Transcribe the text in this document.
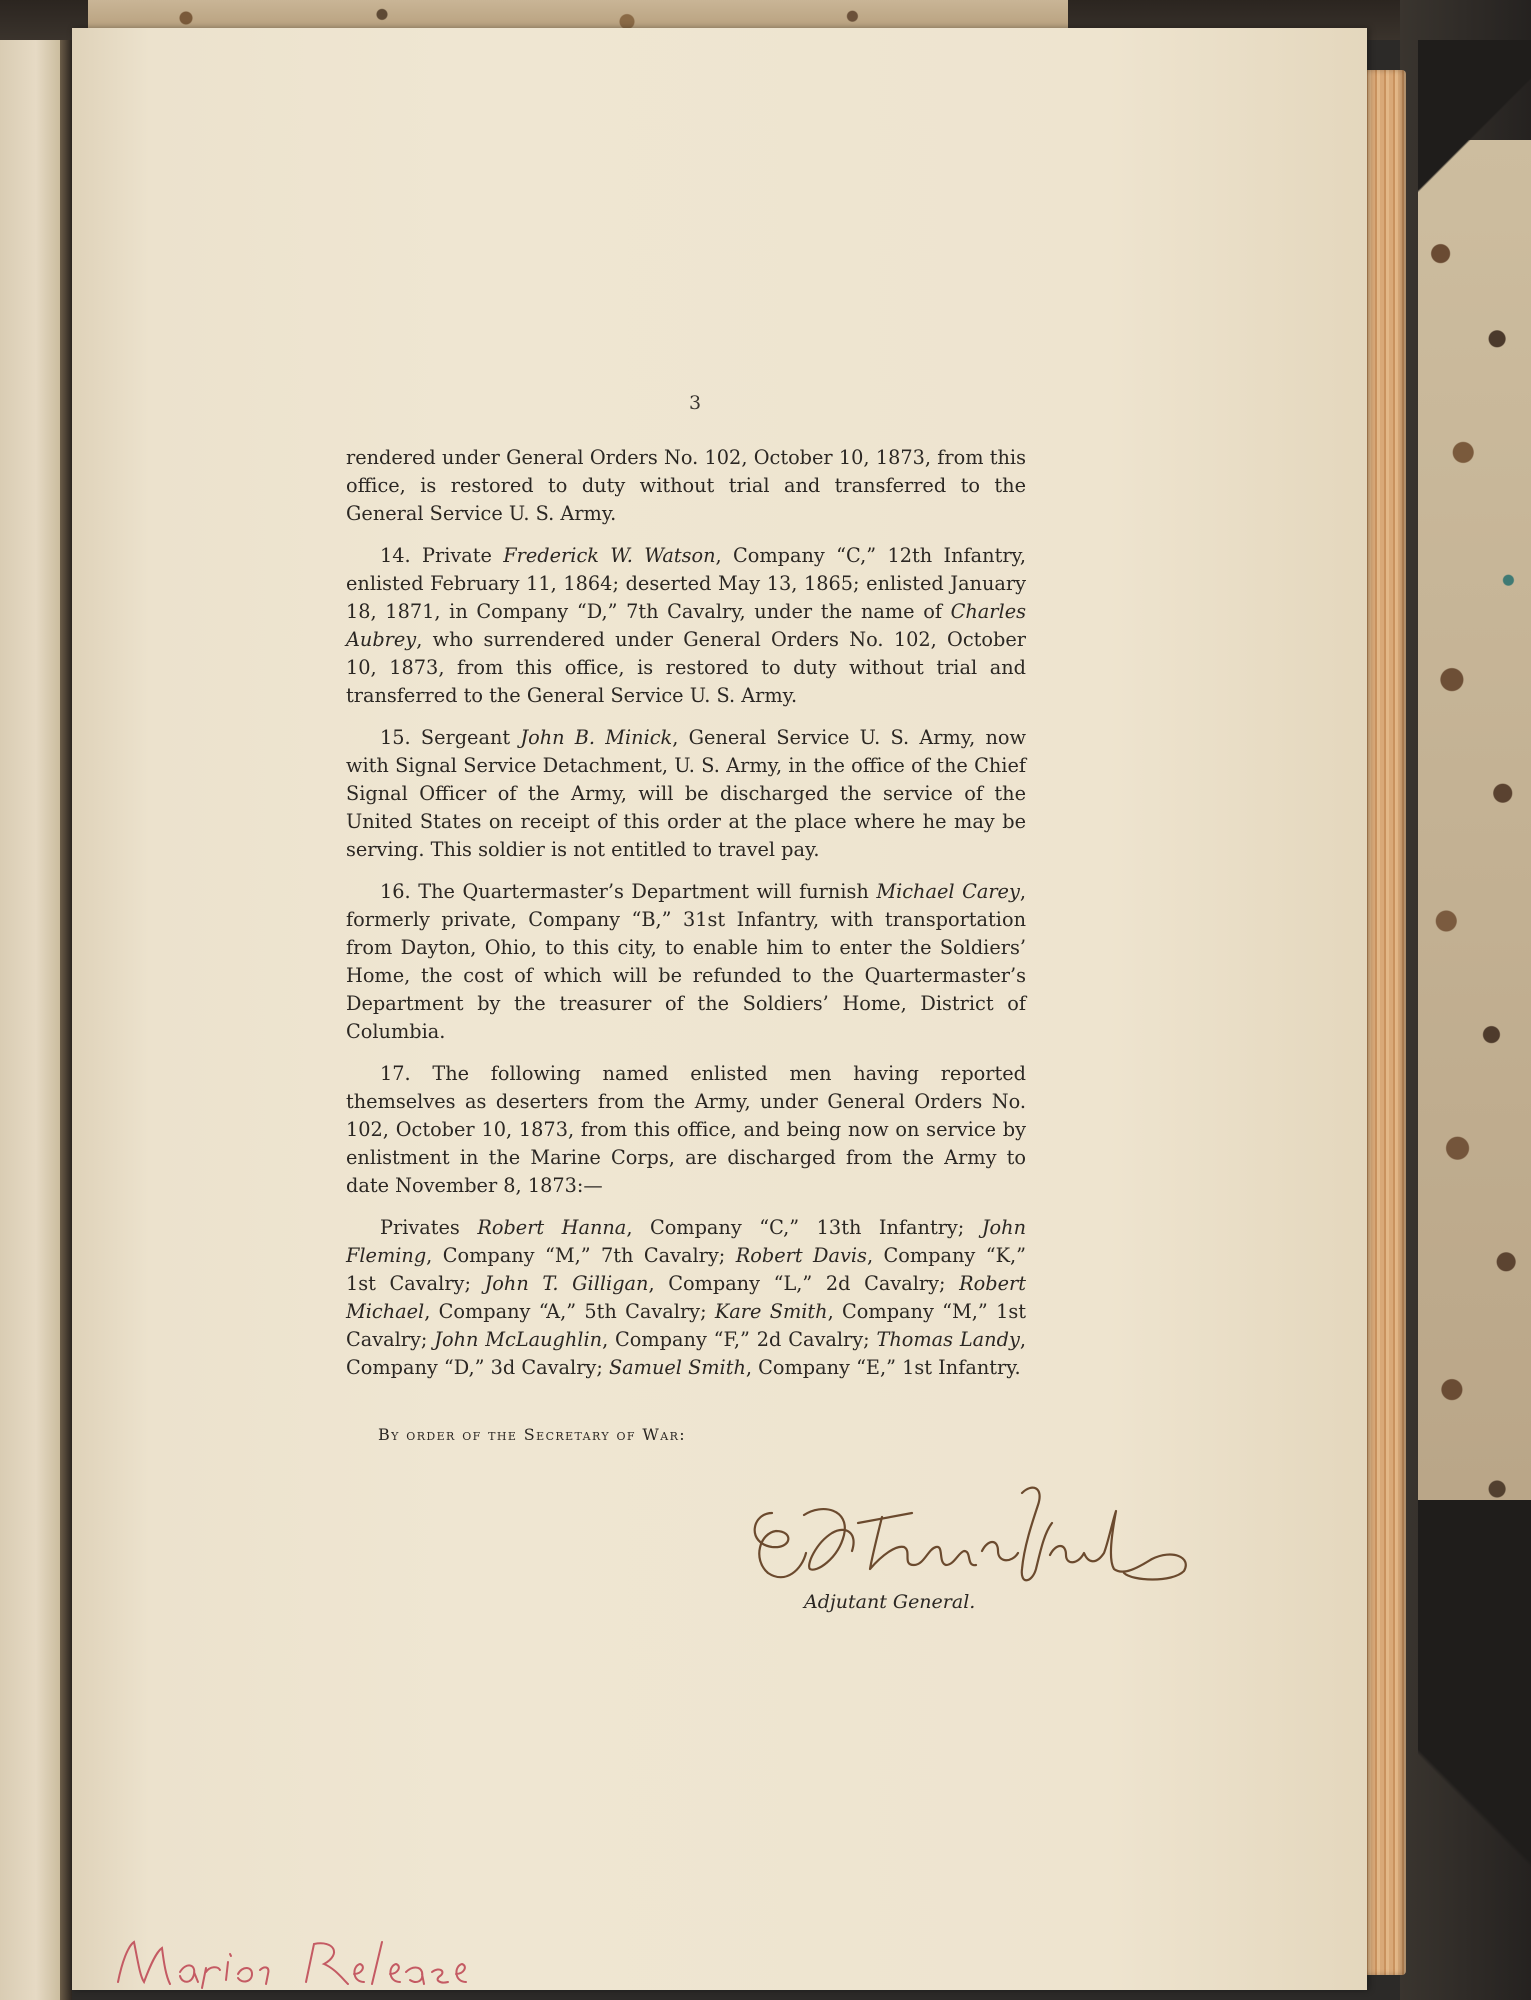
3

rendered under General Orders No. 102, October 10, 1873, from this office, is restored to duty without trial and transferred to the General Service U. S. Army.

14. Private Frederick W. Watson, Company “C,” 12th Infantry, enlisted February 11, 1864; deserted May 13, 1865; enlisted January 18, 1871, in Company “D,” 7th Cavalry, under the name of Charles Aubrey, who surrendered under General Orders No. 102, October 10, 1873, from this office, is restored to duty without trial and transferred to the General Service U. S. Army.

15. Sergeant John B. Minick, General Service U. S. Army, now with Signal Service Detachment, U. S. Army, in the office of the Chief Signal Officer of the Army, will be discharged the service of the United States on receipt of this order at the place where he may be serving. This soldier is not entitled to travel pay.

16. The Quartermaster’s Department will furnish Michael Carey, formerly private, Company “B,” 31st Infantry, with transportation from Dayton, Ohio, to this city, to enable him to enter the Soldiers’ Home, the cost of which will be refunded to the Quartermaster’s Department by the treasurer of the Soldiers’ Home, District of Columbia.

17. The following named enlisted men having reported themselves as deserters from the Army, under General Orders No. 102, October 10, 1873, from this office, and being now on service by enlistment in the Marine Corps, are discharged from the Army to date November 8, 1873:—

Privates Robert Hanna, Company “C,” 13th Infantry; John Fleming, Company “M,” 7th Cavalry; Robert Davis, Company “K,” 1st Cavalry; John T. Gilligan, Company “L,” 2d Cavalry; Robert Michael, Company “A,” 5th Cavalry; Kare Smith, Company “M,” 1st Cavalry; John McLaughlin, Company “F,” 2d Cavalry; Thomas Landy, Company “D,” 3d Cavalry; Samuel Smith, Company “E,” 1st Infantry.

By order of the Secretary of War:
Adjutant General.
